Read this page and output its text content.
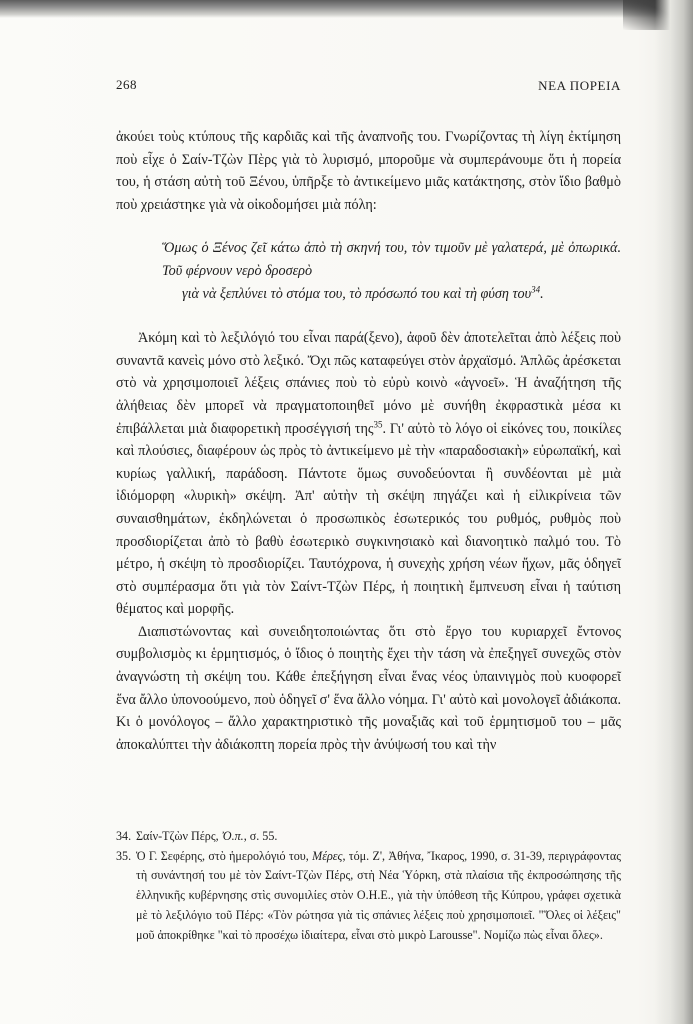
268	ΝΕΑ ΠΟΡΕΙΑ

ἀκούει τοὺς κτύπους τῆς καρδιᾶς καὶ τῆς ἀναπνοῆς του. Γνωρίζοντας τὴ λίγη ἐκτίμηση ποὺ εἶχε ὁ Σαίν-Τζὼν Πὲρς γιὰ τὸ λυρισμό, μποροῦμε νὰ συμπεράνουμε ὅτι ἡ πορεία του, ἡ στάση αὐτὴ τοῦ Ξένου, ὑπῆρξε τὸ ἀντικείμενο μιᾶς κατάκτησης, στὸν ἴδιο βαθμὸ ποὺ χρειάστηκε γιὰ νὰ οἰκοδομήσει μιὰ πόλη:

Ὅμως ὁ Ξένος ζεῖ κάτω ἀπὸ τὴ σκηνή του, τὸν τιμοῦν μὲ γαλατερά, μὲ ὀπωρικά. Τοῦ φέρνουν νερὸ δροσερὸ
γιὰ νὰ ξεπλύνει τὸ στόμα του, τὸ πρόσωπό του καὶ τὴ φύση του$^{34}$.

Ἀκόμη καὶ τὸ λεξιλόγιό του εἶναι παρά(ξενο), ἀφοῦ δὲν ἀποτελεῖται ἀπὸ λέξεις ποὺ συναντᾶ κανεὶς μόνο στὸ λεξικό. Ὄχι πῶς καταφεύγει στὸν ἀρχαϊσμό. Ἁπλῶς ἀρέσκεται στὸ νὰ χρησιμοποιεῖ λέξεις σπάνιες ποὺ τὸ εὐρὺ κοινὸ «ἀγνοεῖ». Ἡ ἀναζήτηση τῆς ἀλήθειας δὲν μπορεῖ νὰ πραγματοποιηθεῖ μόνο μὲ συνήθη ἐκφραστικὰ μέσα κι ἐπιβάλλεται μιὰ διαφορετικὴ προσέγγισή της$^{35}$. Γι' αὐτὸ τὸ λόγο οἱ εἰκόνες του, ποικίλες καὶ πλούσιες, διαφέρουν ὡς πρὸς τὸ ἀντικείμενο μὲ τὴν «παραδοσιακὴ» εὐρωπαϊκή, καὶ κυρίως γαλλική, παράδοση. Πάντοτε ὅμως συνοδεύονται ἢ συνδέονται μὲ μιὰ ἰδιόμορφη «λυρικὴ» σκέψη. Ἀπ' αὐτὴν τὴ σκέψη πηγάζει καὶ ἡ εἰλικρίνεια τῶν συναισθημάτων, ἐκδηλώνεται ὁ προσωπικὸς ἐσωτερικός του ρυθμός, ρυθμὸς ποὺ προσδιορίζεται ἀπὸ τὸ βαθὺ ἐσωτερικὸ συγκινησιακὸ καὶ διανοητικὸ παλμό του. Τὸ μέτρο, ἡ σκέψη τὸ προσδιορίζει. Ταυτόχρονα, ἡ συνεχὴς χρήση νέων ἤχων, μᾶς ὁδηγεῖ στὸ συμπέρασμα ὅτι γιὰ τὸν Σαίντ-Τζὼν Πέρς, ἡ ποιητικὴ ἔμπνευση εἶναι ἡ ταύτιση θέματος καὶ μορφῆς.

Διαπιστώνοντας καὶ συνειδητοποιώντας ὅτι στὸ ἔργο του κυριαρχεῖ ἔντονος συμβολισμὸς κι ἑρμητισμός, ὁ ἴδιος ὁ ποιητὴς ἔχει τὴν τάση νὰ ἐπεξηγεῖ συνεχῶς στὸν ἀναγνώστη τὴ σκέψη του. Κάθε ἐπεξήγηση εἶναι ἕνας νέος ὑπαινιγμὸς ποὺ κυοφορεῖ ἕνα ἄλλο ὑπονοούμενο, ποὺ ὁδηγεῖ σ' ἕνα ἄλλο νόημα. Γι' αὐτὸ καὶ μονολογεῖ ἀδιάκοπα. Κι ὁ μονόλογος – ἄλλο χαρακτηριστικὸ τῆς μοναξιᾶς καὶ τοῦ ἑρμητισμοῦ του – μᾶς ἀποκαλύπτει τὴν ἀδιάκοπτη πορεία πρὸς τὴν ἀνύψωσή του καὶ τὴν

34. Σαίν-Τζὼν Πέρς, Ὀ.π., σ. 55.

35. Ὁ Γ. Σεφέρης, στὸ ἡμερολόγιό του, Μέρες, τόμ. Ζ', Ἀθήνα, Ἴκαρος, 1990, σ. 31-39, περιγράφοντας τὴ συνάντησή του μὲ τὸν Σαίντ-Τζὼν Πέρς, στὴ Νέα Ὑόρκη, στὰ πλαίσια τῆς ἐκπροσώπησης τῆς ἑλληνικῆς κυβέρνησης στὶς συνομιλίες στὸν Ο.Η.Ε., γιὰ τὴν ὑπόθεση τῆς Κύπρου, γράφει σχετικὰ μὲ τὸ λεξιλόγιο τοῦ Πέρς: «Τὸν ρώτησα γιὰ τὶς σπάνιες λέξεις ποὺ χρησιμοποιεῖ. "Ὅλες οἱ λέξεις" μοῦ ἀποκρίθηκε "καὶ τὸ προσέχω ἰδιαίτερα, εἶναι στὸ μικρὸ Larousse". Νομίζω πὼς εἶναι ὅλες».
